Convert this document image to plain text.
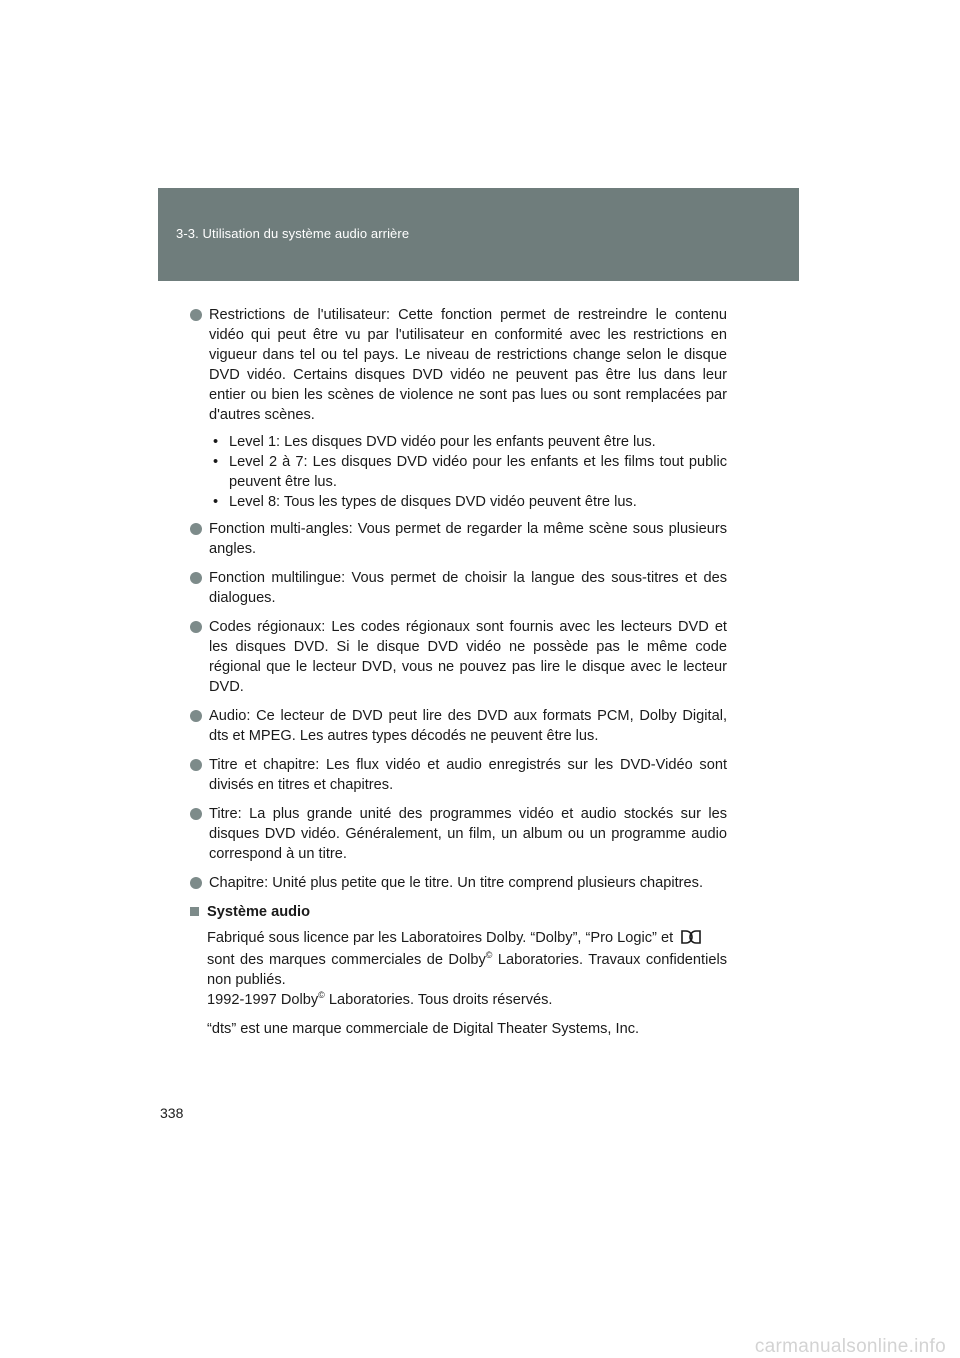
3-3. Utilisation du système audio arrière
Restrictions de l'utilisateur: Cette fonction permet de restreindre le contenu vidéo qui peut être vu par l'utilisateur en conformité avec les restrictions en vigueur dans tel ou tel pays. Le niveau de restrictions change selon le disque DVD vidéo. Certains disques DVD vidéo ne peuvent pas être lus dans leur entier ou bien les scènes de violence ne sont pas lues ou sont remplacées par d'autres scènes.
• Level 1: Les disques DVD vidéo pour les enfants peuvent être lus.
• Level 2 à 7: Les disques DVD vidéo pour les enfants et les films tout public peuvent être lus.
• Level 8: Tous les types de disques DVD vidéo peuvent être lus.
Fonction multi-angles: Vous permet de regarder la même scène sous plusieurs angles.
Fonction multilingue: Vous permet de choisir la langue des sous-titres et des dialogues.
Codes régionaux: Les codes régionaux sont fournis avec les lecteurs DVD et les disques DVD. Si le disque DVD vidéo ne possède pas le même code régional que le lecteur DVD, vous ne pouvez pas lire le disque avec le lecteur DVD.
Audio: Ce lecteur de DVD peut lire des DVD aux formats PCM, Dolby Digital, dts et MPEG. Les autres types décodés ne peuvent être lus.
Titre et chapitre: Les flux vidéo et audio enregistrés sur les DVD-Vidéo sont divisés en titres et chapitres.
Titre: La plus grande unité des programmes vidéo et audio stockés sur les disques DVD vidéo. Généralement, un film, un album ou un programme audio correspond à un titre.
Chapitre: Unité plus petite que le titre. Un titre comprend plusieurs chapitres.
Système audio
Fabriqué sous licence par les Laboratoires Dolby. “Dolby”, “Pro Logic” et
sont des marques commerciales de Dolby© Laboratories. Travaux confidentiels non publiés.
1992-1997 Dolby© Laboratories. Tous droits réservés.
“dts” est une marque commerciale de Digital Theater Systems, Inc.
338
carmanualsonline.info
